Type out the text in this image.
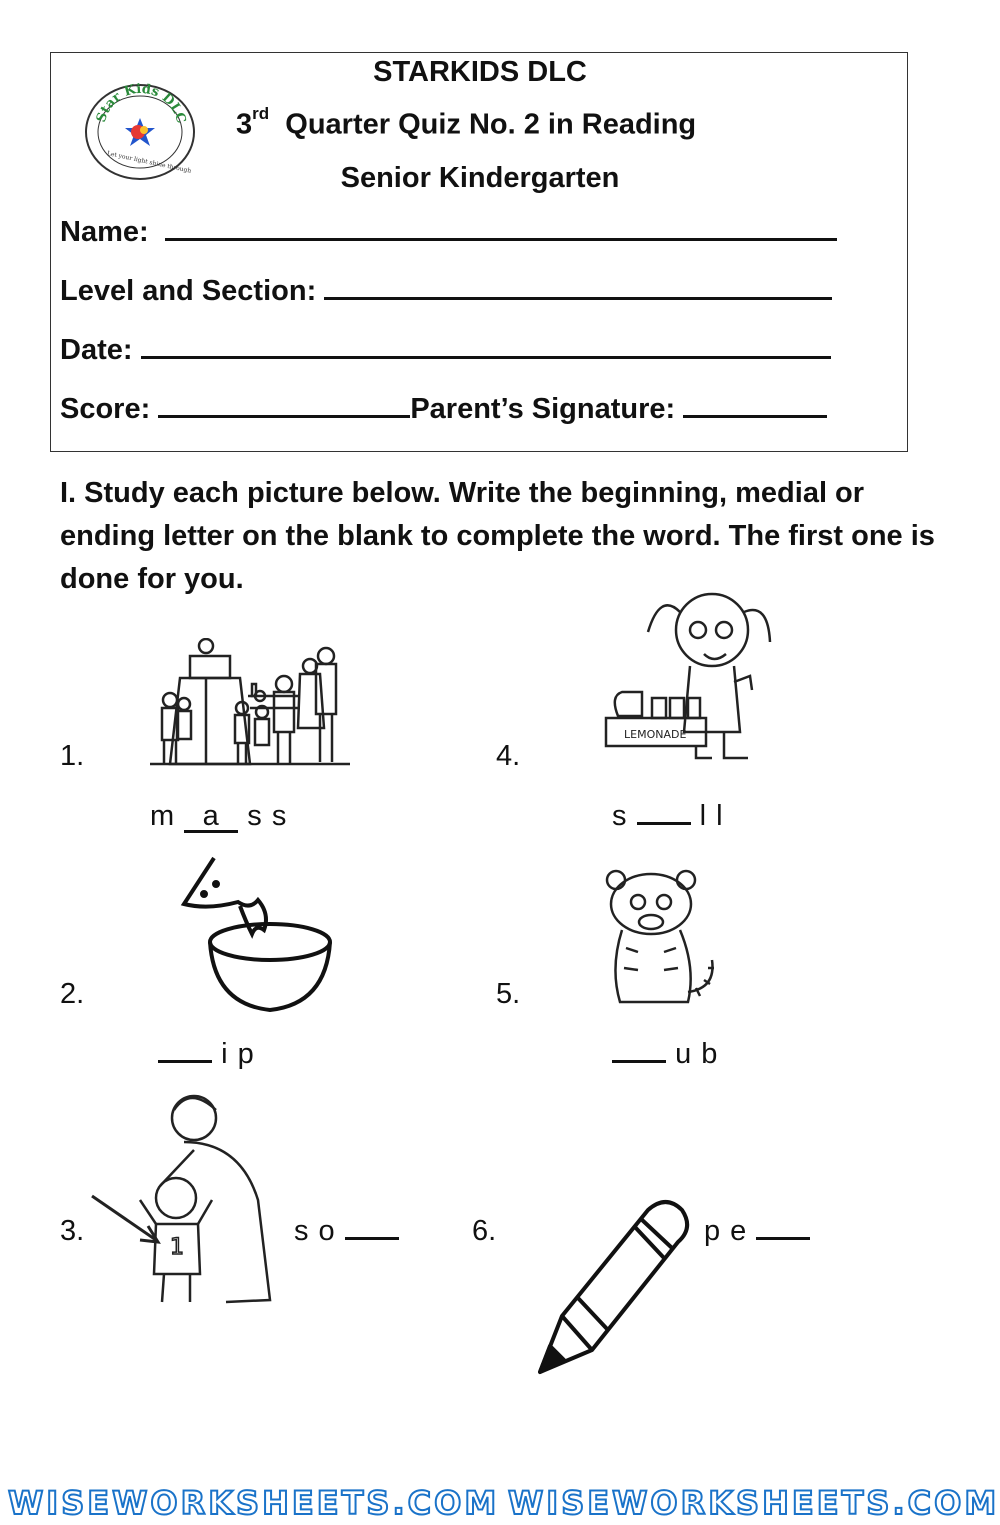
Star Kids DLC
Let your light shine through
STARKIDS DLC
3rd Quarter Quiz No. 2 in Reading
Senior Kindergarten
Name:
Level and Section:
Date:
Score:	Parent’s Signature:
I. Study each picture below. Write the beginning, medial or ending letter on the blank to complete the word. The first one is done for you.
1.
m a s s
4.
LEMONADE
s l l
2.
i p
5.
u b
3.
1
s o	6.	p e
WISEWORKSHEETS.COM WISEWORKSHEETS.COM
